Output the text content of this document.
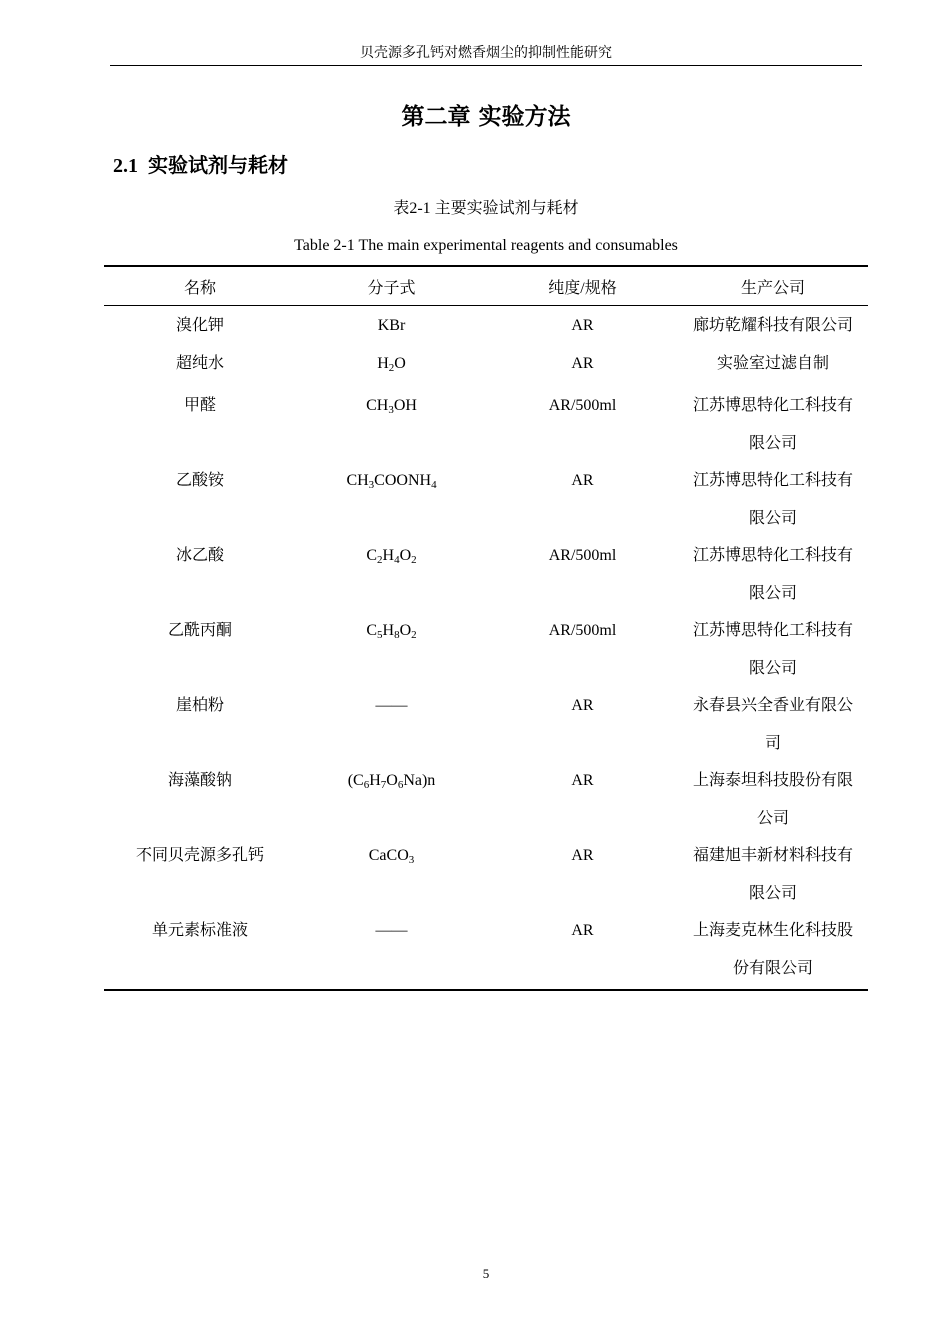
贝壳源多孔钙对燃香烟尘的抑制性能研究
第二章 实验方法
2.1 实验试剂与耗材
表2-1 主要实验试剂与耗材
Table 2-1 The main experimental reagents and consumables
名称	分子式	纯度/规格	生产公司
溴化钾	KBr	AR	廊坊乾耀科技有限公司
超纯水	$H_2O$	AR	实验室过滤自制
甲醛	$CH_3OH$	AR/500ml	江苏博思特化工科技有限公司
乙酸铵	$CH_3COONH_4$	AR	江苏博思特化工科技有限公司
冰乙酸	$C_2H_4O_2$	AR/500ml	江苏博思特化工科技有限公司
乙酰丙酮	$C_5H_8O_2$	AR/500ml	江苏博思特化工科技有限公司
崖柏粉	——	AR	永春县兴全香业有限公司
海藻酸钠	$(C_6H_7O_6Na)n$	AR	上海泰坦科技股份有限公司
不同贝壳源多孔钙	CaCO$_3$	AR	福建旭丰新材料科技有限公司
单元素标准液	——	AR	上海麦克林生化科技股份有限公司
5
